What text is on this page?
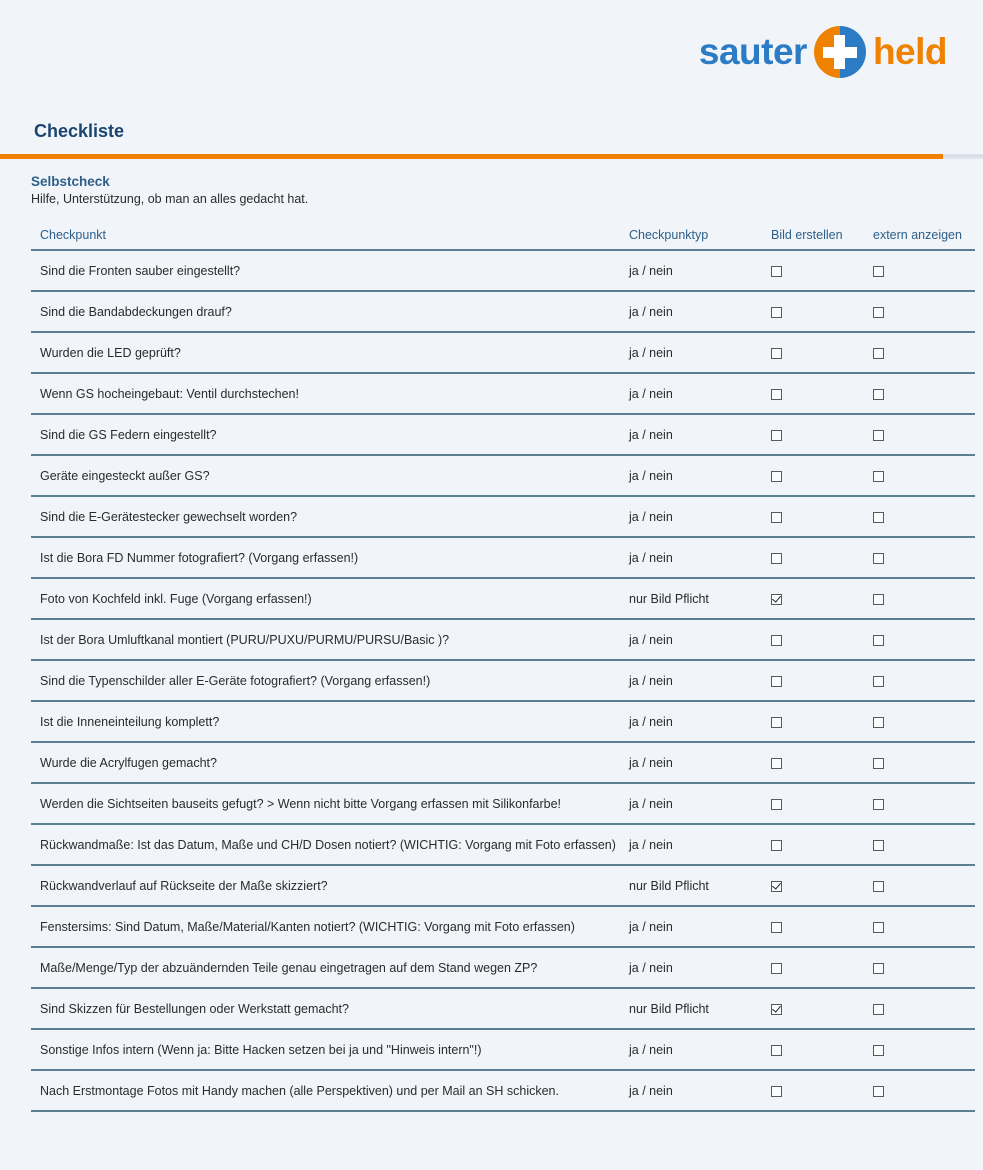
sauter held
Checkliste
Selbstcheck
Hilfe, Unterstützung, ob man an alles gedacht hat.
Checkpunkt	Checkpunktyp	Bild erstellen	extern anzeigen
Sind die Fronten sauber eingestellt?	ja / nein
Sind die Bandabdeckungen drauf?	ja / nein
Wurden die LED geprüft?	ja / nein
Wenn GS hocheingebaut: Ventil durchstechen!	ja / nein
Sind die GS Federn eingestellt?	ja / nein
Geräte eingesteckt außer GS?	ja / nein
Sind die E-Gerätestecker gewechselt worden?	ja / nein
Ist die Bora FD Nummer fotografiert? (Vorgang erfassen!)	ja / nein
Foto von Kochfeld inkl. Fuge (Vorgang erfassen!)	nur Bild Pflicht
Ist der Bora Umluftkanal montiert (PURU/PUXU/PURMU/PURSU/Basic )?	ja / nein
Sind die Typenschilder aller E-Geräte fotografiert? (Vorgang erfassen!)	ja / nein
Ist die Inneneinteilung komplett?	ja / nein
Wurde die Acrylfugen gemacht?	ja / nein
Werden die Sichtseiten bauseits gefugt? > Wenn nicht bitte Vorgang erfassen mit Silikonfarbe!	ja / nein
Rückwandmaße: Ist das Datum, Maße und CH/D Dosen notiert? (WICHTIG: Vorgang mit Foto erfassen)	ja / nein
Rückwandverlauf auf Rückseite der Maße skizziert?	nur Bild Pflicht
Fenstersims: Sind Datum, Maße/Material/Kanten notiert? (WICHTIG: Vorgang mit Foto erfassen)	ja / nein
Maße/Menge/Typ der abzuändernden Teile genau eingetragen auf dem Stand wegen ZP?	ja / nein
Sind Skizzen für Bestellungen oder Werkstatt gemacht?	nur Bild Pflicht
Sonstige Infos intern (Wenn ja: Bitte Hacken setzen bei ja und "Hinweis intern"!)	ja / nein
Nach Erstmontage Fotos mit Handy machen (alle Perspektiven) und per Mail an SH schicken.	ja / nein
